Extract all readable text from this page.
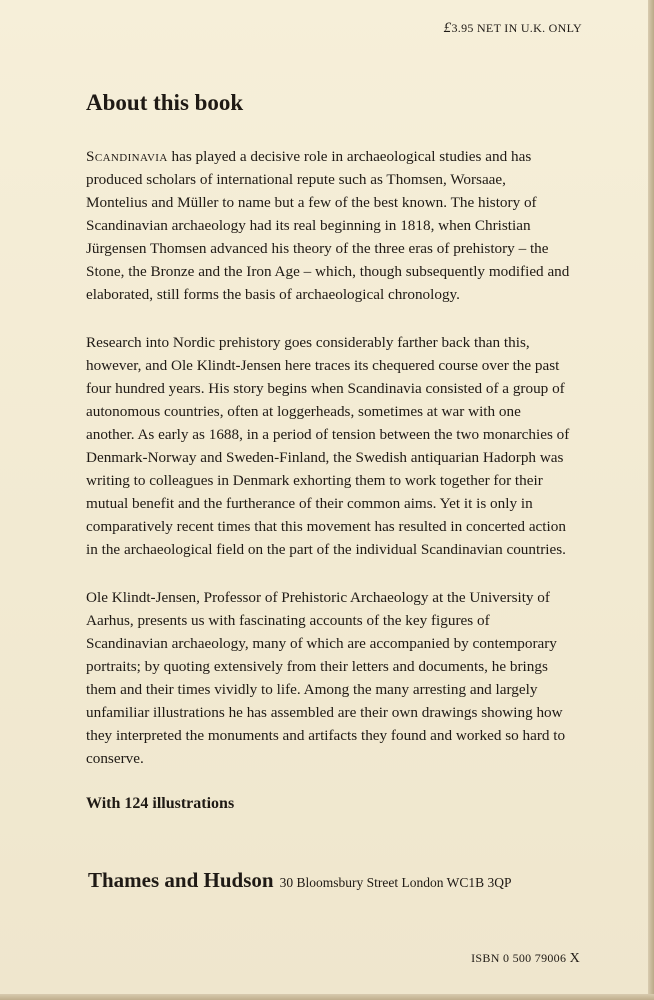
£3.95 NET IN U.K. ONLY
About this book

Scandinavia has played a decisive role in archaeological studies and has produced scholars of international repute such as Thomsen, Worsaae, Montelius and Müller to name but a few of the best known. The history of Scandinavian archaeology had its real beginning in 1818, when Christian Jürgensen Thomsen advanced his theory of the three eras of prehistory – the Stone, the Bronze and the Iron Age – which, though subsequently modified and elaborated, still forms the basis of archaeological chronology.

Research into Nordic prehistory goes considerably farther back than this, however, and Ole Klindt-Jensen here traces its chequered course over the past four hundred years. His story begins when Scandinavia consisted of a group of autonomous countries, often at loggerheads, sometimes at war with one another. As early as 1688, in a period of tension between the two monarchies of Denmark-Norway and Sweden-Finland, the Swedish antiquarian Hadorph was writing to colleagues in Denmark exhorting them to work together for their mutual benefit and the furtherance of their common aims. Yet it is only in comparatively recent times that this movement has resulted in concerted action in the archaeological field on the part of the individual Scandinavian countries.

Ole Klindt-Jensen, Professor of Prehistoric Archaeology at the University of Aarhus, presents us with fascinating accounts of the key figures of Scandinavian archaeology, many of which are accompanied by contemporary portraits; by quoting extensively from their letters and documents, he brings them and their times vividly to life. Among the many arresting and largely unfamiliar illustrations he has assembled are their own drawings showing how they interpreted the monuments and artifacts they found and worked so hard to conserve.

With 124 illustrations

Thames and Hudson 30 Bloomsbury Street London WC1B 3QP
ISBN 0 500 79006 X
